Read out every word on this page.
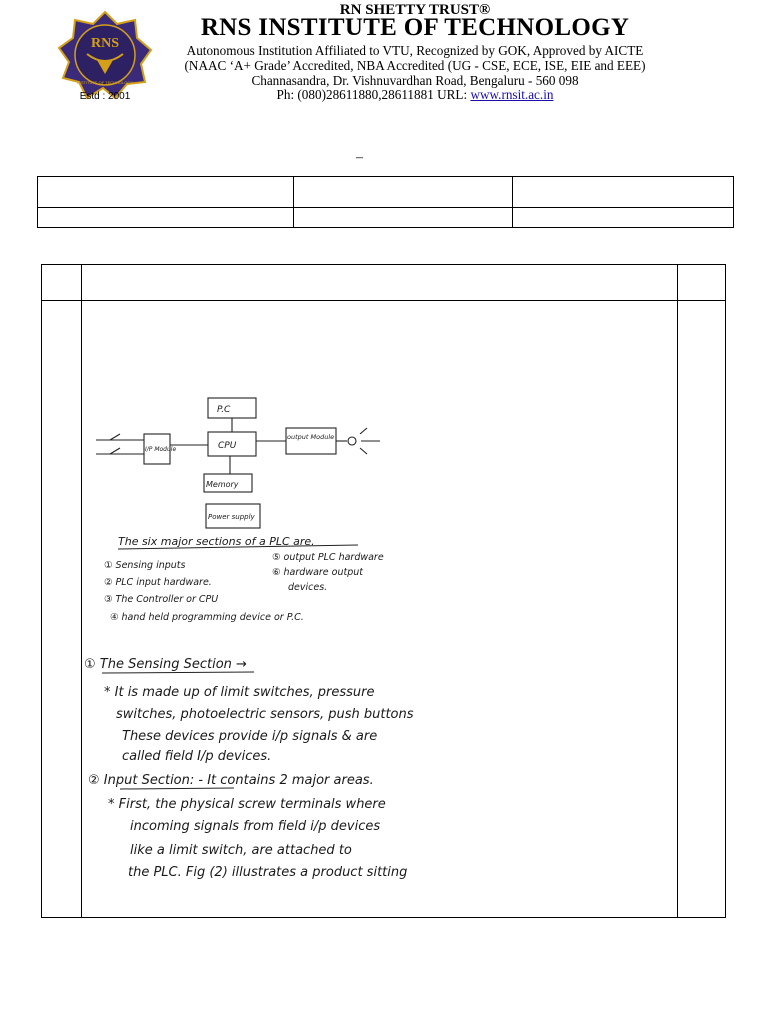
RNS
INSTITUTE OF TECHNOLOGY
Estd : 2001
RN SHETTY TRUST®
RNS INSTITUTE OF TECHNOLOGY
Autonomous Institution Affiliated to VTU, Recognized by GOK, Approved by AICTE
(NAAC ‘A+ Grade’ Accredited, NBA Accredited (UG - CSE, ECE, ISE, EIE and EEE)
Channasandra, Dr. Vishnuvardhan Road, Bengaluru - 560 098
Ph: (080)28611880,28611881 URL: www.rnsit.ac.in
–

P.C
CPU
Memory
Power supply
output Module
I/P Module
The six major sections of a PLC are.
① Sensing inputs
② PLC input hardware.
③ The Controller or CPU
④ hand held programming device or P.C.
⑤ output PLC hardware
⑥ hardware output
devices.
① The Sensing Section →
* It is made up of limit switches, pressure
switches, photoelectric sensors, push buttons
These devices provide i/p signals & are
called field I/p devices.
② Input Section: - It contains 2 major areas.
* First, the physical screw terminals where
incoming signals from field i/p devices
like a limit switch, are attached to
the PLC. Fig (2) illustrates a product sitting
